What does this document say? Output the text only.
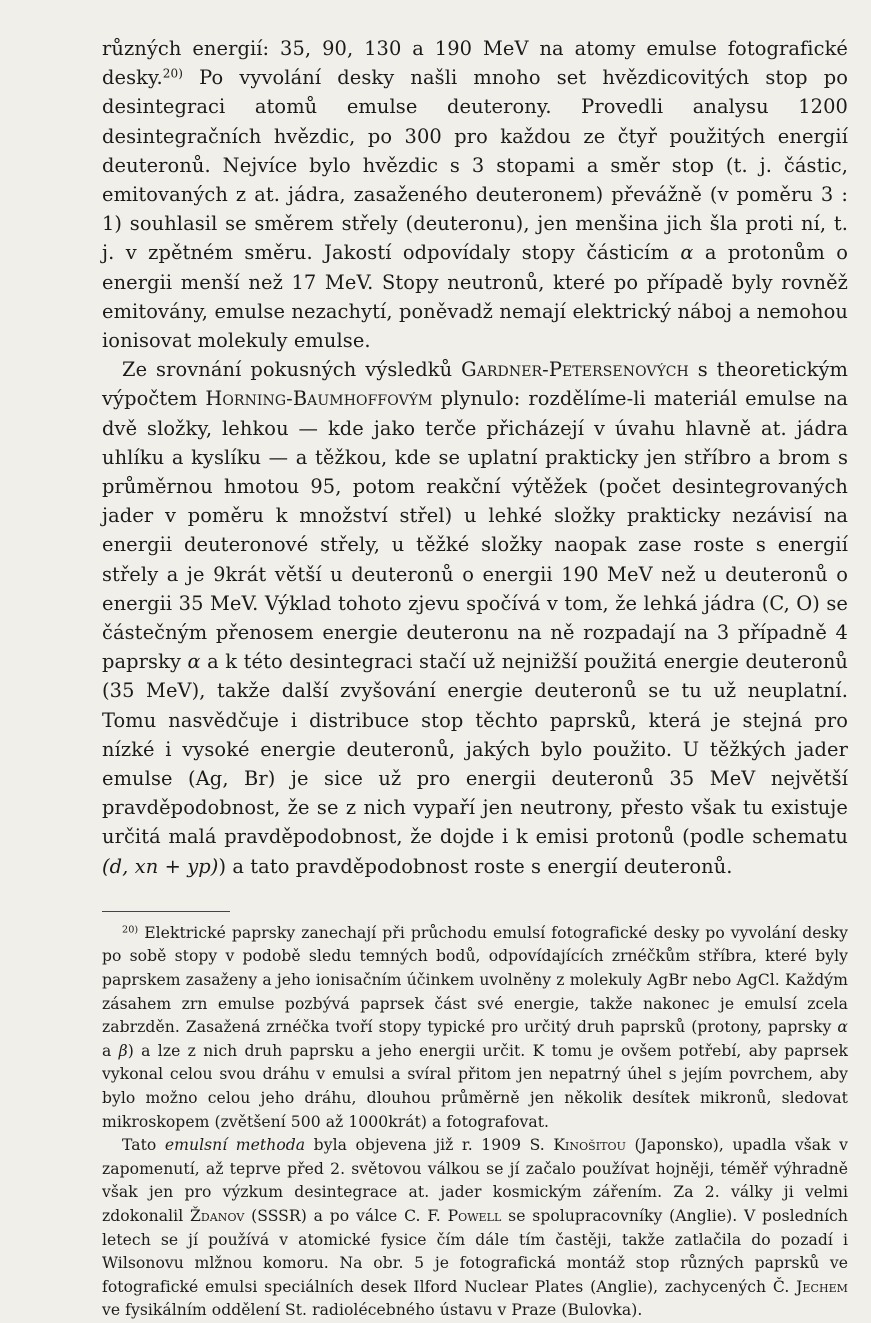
různých energií: 35, 90, 130 a 190 MeV na atomy emulse fotografické desky.$^{20)}$ Po vyvolání desky našli mnoho set hvězdicovitých stop po desintegraci atomů emulse deuterony. Provedli analysu 1200 desintegračních hvězdic, po 300 pro každou ze čtyř použitých energií deuteronů. Nejvíce bylo hvězdic s 3 stopami a směr stop (t. j. částic, emitovaných z at. jádra, zasaženého deuteronem) převážně (v poměru 3 : 1) souhlasil se směrem střely (deuteronu), jen menšina jich šla proti ní, t. j. v zpětném směru. Jakostí odpovídaly stopy částicím α a protonům o energii menší než 17 MeV. Stopy neutronů, které po případě byly rovněž emitovány, emulse nezachytí, poněvadž nemají elektrický náboj a nemohou ionisovat molekuly emulse.

Ze srovnání pokusných výsledků Gardner-Petersenových s theoretickým výpočtem Horning-Baumhoffovým plynulo: rozdělíme-li materiál emulse na dvě složky, lehkou — kde jako terče přicházejí v úvahu hlavně at. jádra uhlíku a kyslíku — a těžkou, kde se uplatní prakticky jen stříbro a brom s průměrnou hmotou 95, potom reakční výtěžek (počet desintegrovaných jader v poměru k množství střel) u lehké složky prakticky nezávisí na energii deuteronové střely, u těžké složky naopak zase roste s energií střely a je 9krát větší u deuteronů o energii 190 MeV než u deuteronů o energii 35 MeV. Výklad tohoto zjevu spočívá v tom, že lehká jádra (C, O) se částečným přenosem energie deuteronu na ně rozpadají na 3 případně 4 paprsky α a k této desintegraci stačí už nejnižší použitá energie deuteronů (35 MeV), takže další zvyšování energie deuteronů se tu už neuplatní. Tomu nasvědčuje i distribuce stop těchto paprsků, která je stejná pro nízké i vysoké energie deuteronů, jakých bylo použito. U těžkých jader emulse (Ag, Br) je sice už pro energii deuteronů 35 MeV největší pravděpodobnost, že se z nich vypaří jen neutrony, přesto však tu existuje určitá malá pravděpodobnost, že dojde i k emisi protonů (podle schematu (d, xn + yp)) a tato pravděpodobnost roste s energií deuteronů.

$^{20)}$ Elektrické paprsky zanechají při průchodu emulsí fotografické desky po vyvolání desky po sobě stopy v podobě sledu temných bodů, odpovídajících zrnéčkům stříbra, které byly paprskem zasaženy a jeho ionisačním účinkem uvolněny z molekuly AgBr nebo AgCl. Každým zásahem zrn emulse pozbývá paprsek část své energie, takže nakonec je emulsí zcela zabrzděn. Zasažená zrnéčka tvoří stopy typické pro určitý druh paprsků (protony, paprsky α a β) a lze z nich druh paprsku a jeho energii určit. K tomu je ovšem potřebí, aby paprsek vykonal celou svou dráhu v emulsi a svíral přitom jen nepatrný úhel s jejím povrchem, aby bylo možno celou jeho dráhu, dlouhou průměrně jen několik desítek mikronů, sledovat mikroskopem (zvětšení 500 až 1000krát) a fotografovat.

Tato emulsní methoda byla objevena již r. 1909 S. Kinošitou (Japonsko), upadla však v zapomenutí, až teprve před 2. světovou válkou se jí začalo používat hojněji, téměř výhradně však jen pro výzkum desintegrace at. jader kosmickým zářením. Za 2. války ji velmi zdokonalil Ždanov (SSSR) a po válce C. F. Powell se spolupracovníky (Anglie). V posledních letech se jí používá v atomické fysice čím dále tím častěji, takže zatlačila do pozadí i Wilsonovu mlžnou komoru. Na obr. 5 je fotografická montáž stop různých paprsků ve fotografické emulsi speciálních desek Ilford Nuclear Plates (Anglie), zachycených Č. Jechem ve fysikálním oddělení St. radiolécebného ústavu v Praze (Bulovka).
